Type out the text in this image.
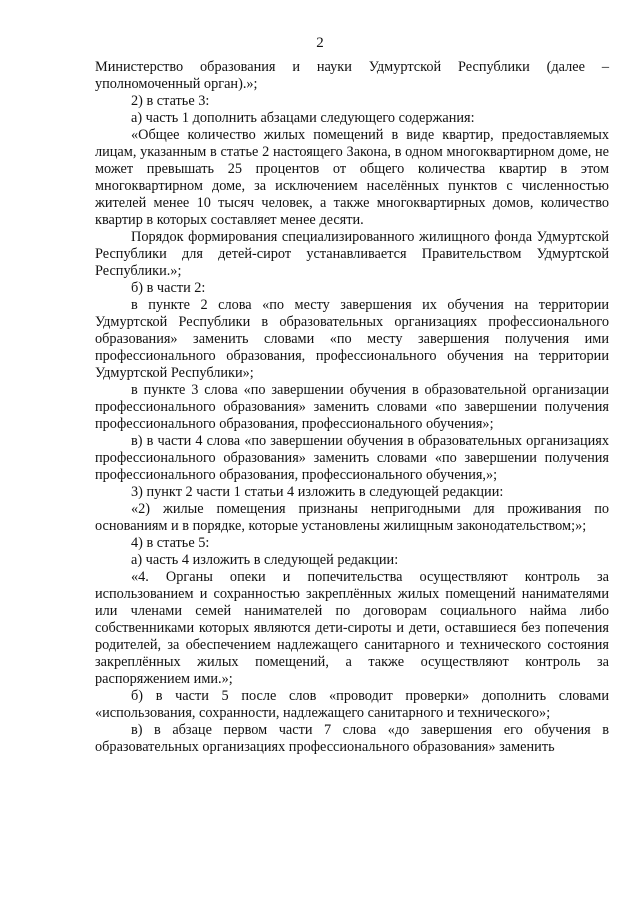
2

Министерство образования и науки Удмуртской Республики (далее – уполномоченный орган).»;

2) в статье 3:

а) часть 1 дополнить абзацами следующего содержания:

«Общее количество жилых помещений в виде квартир, предоставляемых лицам, указанным в статье 2 настоящего Закона, в одном многоквартирном доме, не может превышать 25 процентов от общего количества квартир в этом многоквартирном доме, за исключением населённых пунктов с численностью жителей менее 10 тысяч человек, а также многоквартирных домов, количество квартир в которых составляет менее десяти.

Порядок формирования специализированного жилищного фонда Удмуртской Республики для детей-сирот устанавливается Правительством Удмуртской Республики.»;

б) в части 2:

в пункте 2 слова «по месту завершения их обучения на территории Удмуртской Республики в образовательных организациях профессионального образования» заменить словами «по месту завершения получения ими профессионального образования, профессионального обучения на территории Удмуртской Республики»;

в пункте 3 слова «по завершении обучения в образовательной организации профессионального образования» заменить словами «по завершении получения профессионального образования, профессионального обучения»;

в) в части 4 слова «по завершении обучения в образовательных организациях профессионального образования» заменить словами «по завершении получения профессионального образования, профессионального обучения,»;

3) пункт 2 части 1 статьи 4 изложить в следующей редакции:

«2) жилые помещения признаны непригодными для проживания по основаниям и в порядке, которые установлены жилищным законодательством;»;

4) в статье 5:

а) часть 4 изложить в следующей редакции:

«4. Органы опеки и попечительства осуществляют контроль за использованием и сохранностью закреплённых жилых помещений нанимателями или членами семей нанимателей по договорам социального найма либо собственниками которых являются дети-сироты и дети, оставшиеся без попечения родителей, за обеспечением надлежащего санитарного и технического состояния закреплённых жилых помещений, а также осуществляют контроль за распоряжением ими.»;

б) в части 5 после слов «проводит проверки» дополнить словами «использования, сохранности, надлежащего санитарного и технического»;

в) в абзаце первом части 7 слова «до завершения его обучения в образовательных организациях профессионального образования» заменить
